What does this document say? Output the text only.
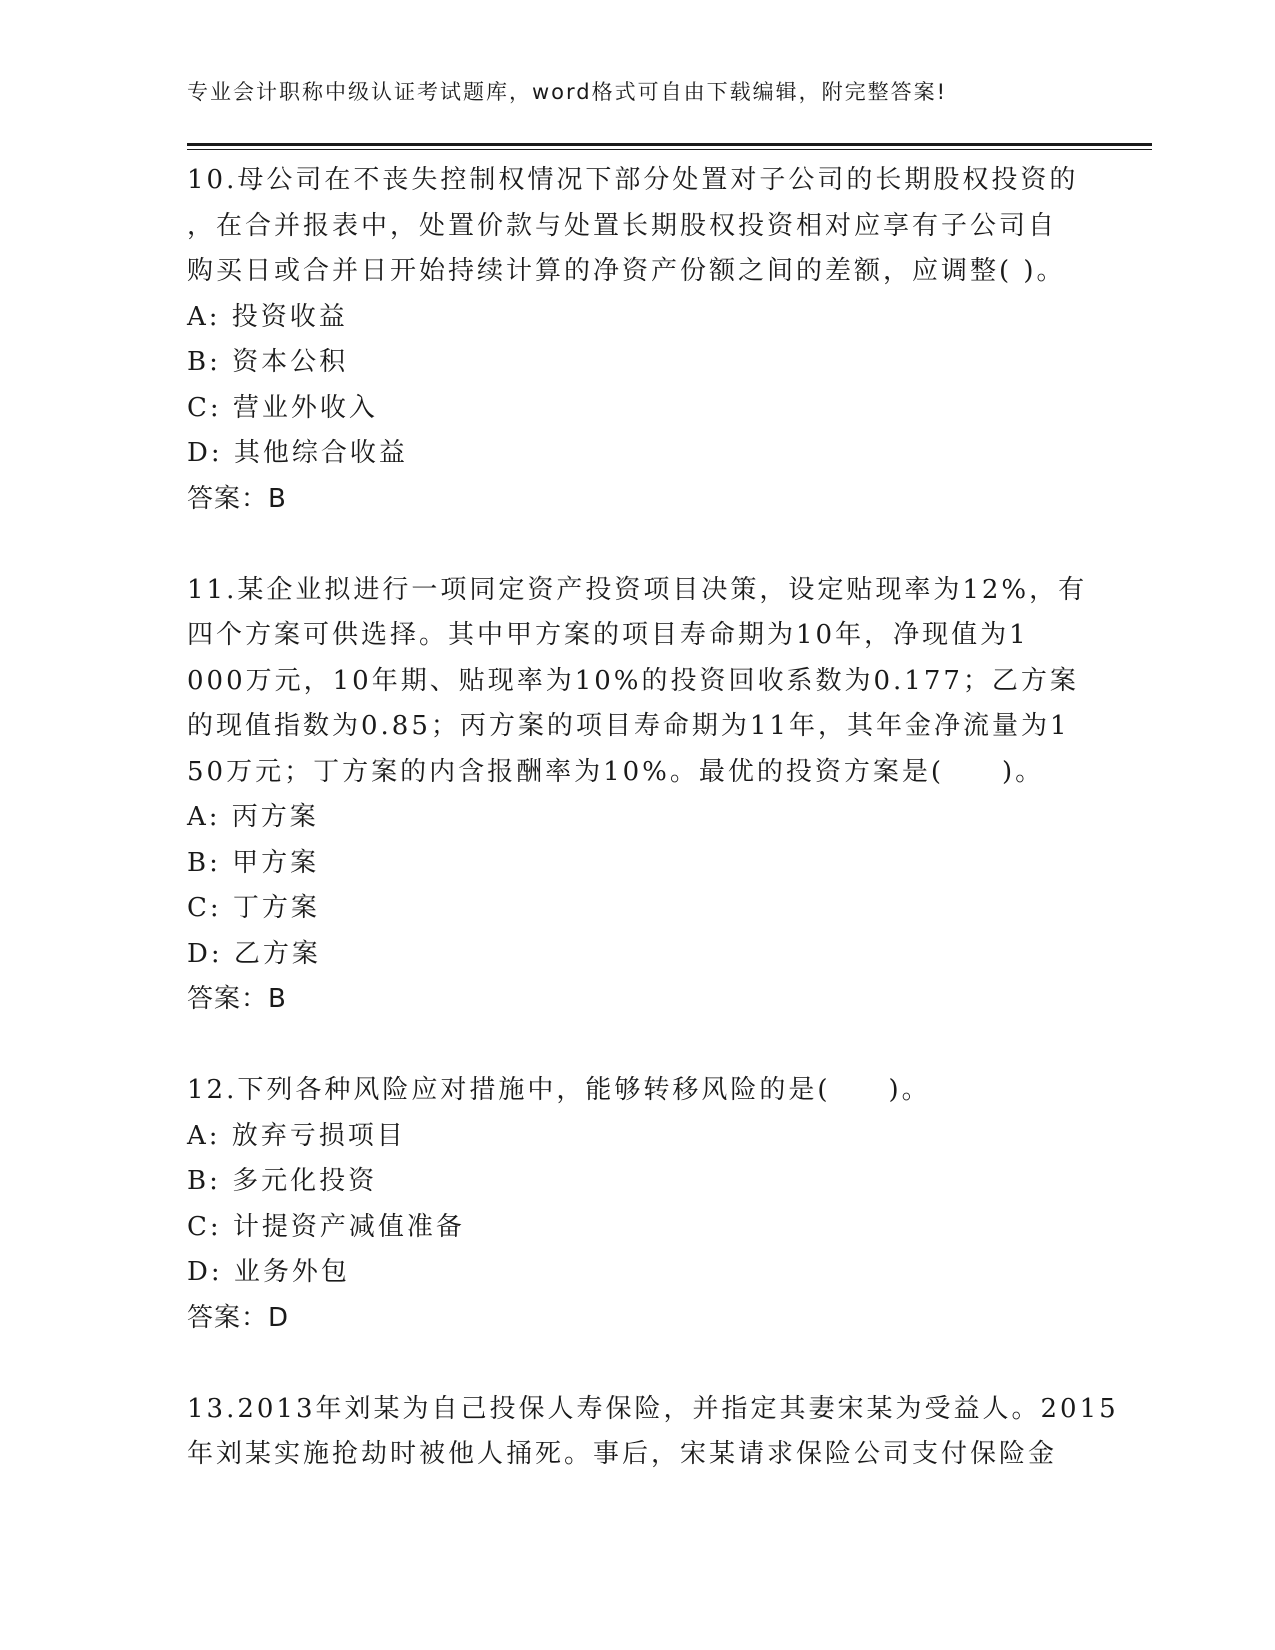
专业会计职称中级认证考试题库，word格式可自由下载编辑，附完整答案!
10.母公司在不丧失控制权情况下部分处置对子公司的长期股权投资的
，在合并报表中，处置价款与处置长期股权投资相对应享有子公司自
购买日或合并日开始持续计算的净资产份额之间的差额，应调整( )。
A: 投资收益
B: 资本公积
C: 营业外收入
D: 其他综合收益
答案：B
11.某企业拟进行一项同定资产投资项目决策，设定贴现率为12%，有
四个方案可供选择。其中甲方案的项目寿命期为10年，净现值为1
000万元，10年期、贴现率为10%的投资回收系数为0.177；乙方案
的现值指数为0.85；丙方案的项目寿命期为11年，其年金净流量为1
50万元；丁方案的内含报酬率为10%。最优的投资方案是(　　)。
A: 丙方案
B: 甲方案
C: 丁方案
D: 乙方案
答案：B
12.下列各种风险应对措施中，能够转移风险的是(　　)。
A: 放弃亏损项目
B: 多元化投资
C: 计提资产减值准备
D: 业务外包
答案：D
13.2013年刘某为自己投保人寿保险，并指定其妻宋某为受益人。2015
年刘某实施抢劫时被他人捅死。事后，宋某请求保险公司支付保险金
